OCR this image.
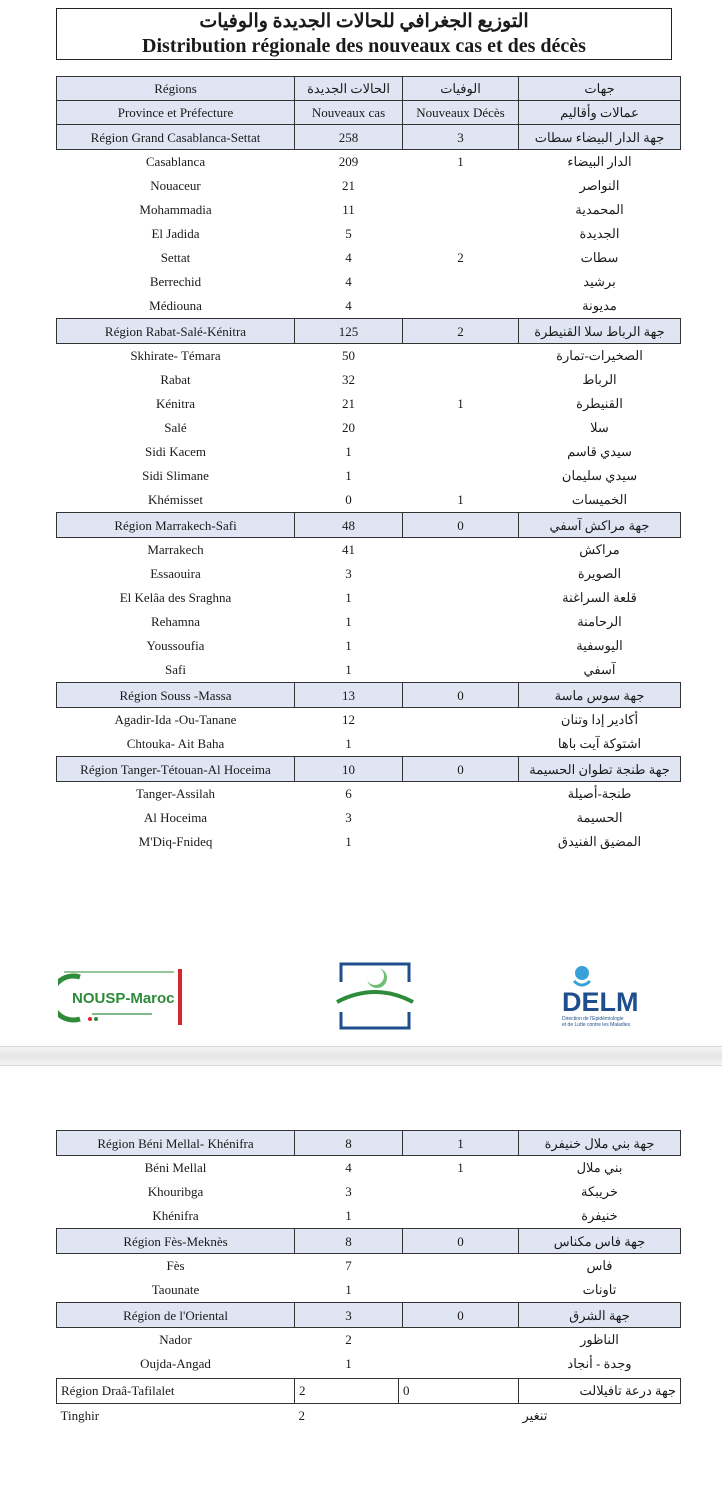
التوزيع الجغرافي للحالات الجديدة والوفيات
Distribution régionale des nouveaux cas et des décès
Régions	الحالات الجديدة	الوفيات	جهات
Province et Préfecture	Nouveaux cas	Nouveaux Décès	عمالات وأقاليم
Région Grand Casablanca-Settat	258	3	جهة الدار البيضاء سطات
Casablanca	209	1	الدار البيضاء
Nouaceur	21		النواصر
Mohammadia	11		المحمدية
El Jadida	5		الجديدة
Settat	4	2	سطات
Berrechid	4		برشيد
Médiouna	4		مديونة
Région Rabat-Salé-Kénitra	125	2	جهة الرباط سلا القنيطرة
Skhirate- Témara	50		الصخيرات-تمارة
Rabat	32		الرباط
Kénitra	21	1	القنيطرة
Salé	20		سلا
Sidi Kacem	1		سيدي قاسم
Sidi Slimane	1		سيدي سليمان
Khémisset	0	1	الخميسات
Région Marrakech-Safi	48	0	جهة مراكش آسفي
Marrakech	41		مراكش
Essaouira	3		الصويرة
El Kelâa des Sraghna	1		قلعة السراغنة
Rehamna	1		الرحامنة
Youssoufia	1		اليوسفية
Safi	1		آسفي
Région Souss -Massa	13	0	جهة سوس ماسة
Agadir-Ida -Ou-Tanane	12		أكادير إدا وتنان
Chtouka- Ait Baha	1		اشتوكة آيت باها
Région Tanger-Tétouan-Al Hoceima	10	0	جهة طنجة تطوان الحسيمة
Tanger-Assilah	6		طنجة-أصيلة
Al Hoceima	3		الحسيمة
M'Diq-Fnideq	1		المضيق الفنيدق
NOUSP-Maroc	DELM
Direction de l'Epidémiologie
et de Lutte contre les Maladies
Région Béni Mellal- Khénifra	8	1	جهة بني ملال خنيفرة
Béni Mellal	4	1	بني ملال
Khouribga	3		خريبكة
Khénifra	1		خنيفرة
Région Fès-Meknès	8	0	جهة فاس مكناس
Fès	7		فاس
Taounate	1		تاونات
Région de l'Oriental	3	0	جهة الشرق
Nador	2		الناظور
Oujda-Angad	1		وجدة - أنجاد
Région Draâ-Tafilalet	2	0	جهة درعة تافيلالت
Tinghir	2		تنغير
